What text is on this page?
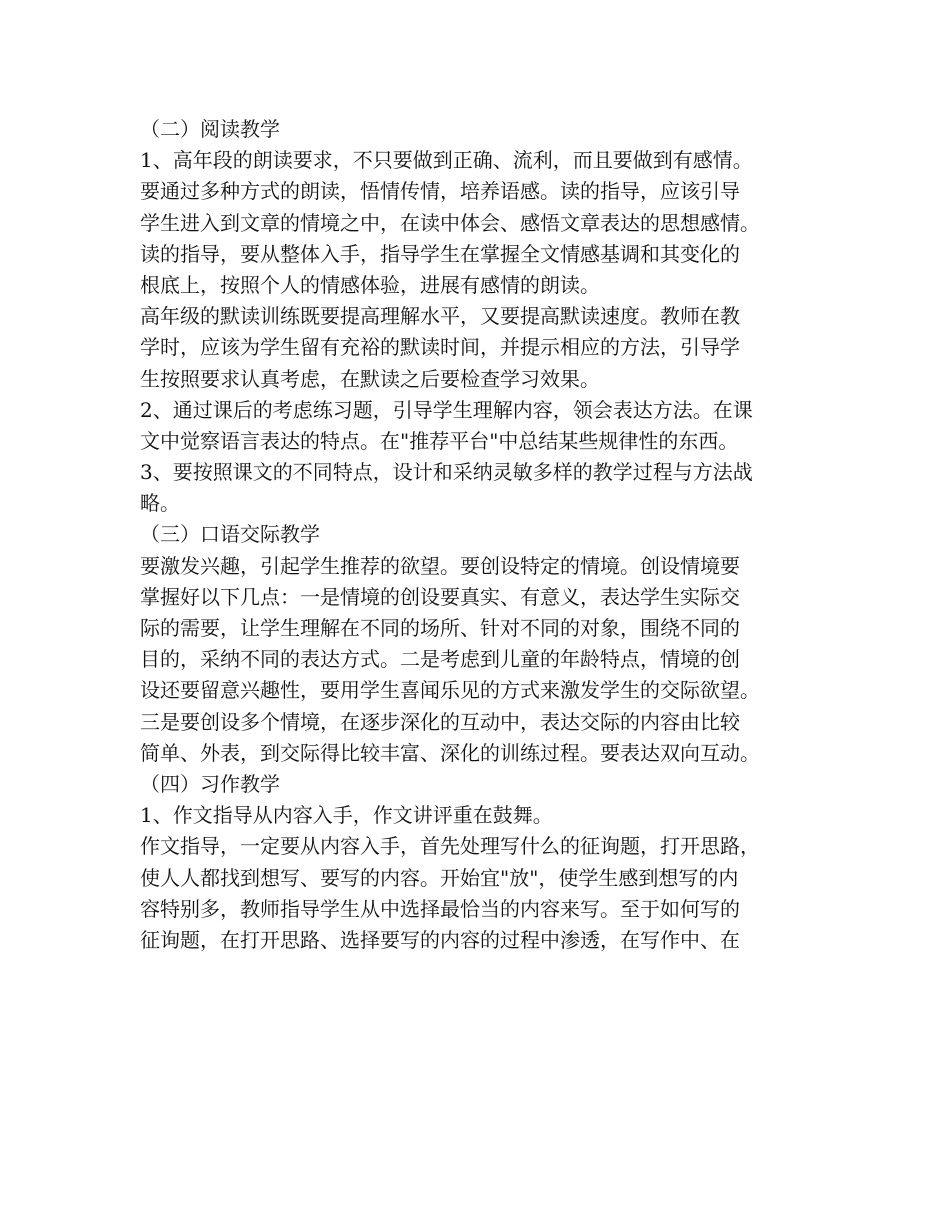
（二）阅读教学
1、高年段的朗读要求，不只要做到正确、流利，而且要做到有感情。
要通过多种方式的朗读，悟情传情，培养语感。读的指导，应该引导
学生进入到文章的情境之中，在读中体会、感悟文章表达的思想感情。
读的指导，要从整体入手，指导学生在掌握全文情感基调和其变化的
根底上，按照个人的情感体验，进展有感情的朗读。
高年级的默读训练既要提高理解水平，又要提高默读速度。教师在教
学时，应该为学生留有充裕的默读时间，并提示相应的方法，引导学
生按照要求认真考虑，在默读之后要检查学习效果。
2、通过课后的考虑练习题，引导学生理解内容，领会表达方法。在课
文中觉察语言表达的特点。在"推荐平台"中总结某些规律性的东西。
3、要按照课文的不同特点，设计和采纳灵敏多样的教学过程与方法战
略。
（三）口语交际教学
要激发兴趣，引起学生推荐的欲望。要创设特定的情境。创设情境要
掌握好以下几点：一是情境的创设要真实、有意义，表达学生实际交
际的需要，让学生理解在不同的场所、针对不同的对象，围绕不同的
目的，采纳不同的表达方式。二是考虑到儿童的年龄特点，情境的创
设还要留意兴趣性，要用学生喜闻乐见的方式来激发学生的交际欲望。
三是要创设多个情境，在逐步深化的互动中，表达交际的内容由比较
简单、外表，到交际得比较丰富、深化的训练过程。要表达双向互动。
（四）习作教学
1、作文指导从内容入手，作文讲评重在鼓舞。
作文指导，一定要从内容入手，首先处理写什么的征询题，打开思路，
使人人都找到想写、要写的内容。开始宜"放"，使学生感到想写的内
容特别多，教师指导学生从中选择最恰当的内容来写。至于如何写的
征询题，在打开思路、选择要写的内容的过程中渗透，在写作中、在
